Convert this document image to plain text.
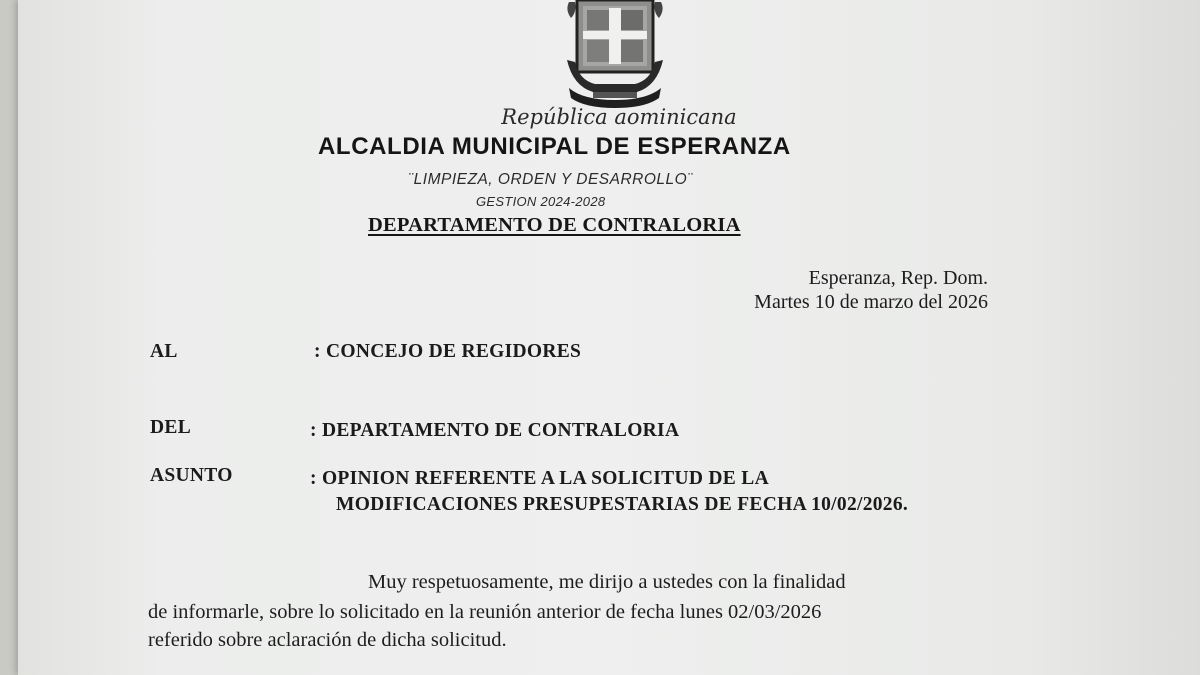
República aominicana
ALCALDIA MUNICIPAL DE ESPERANZA
¨LIMPIEZA, ORDEN Y DESARROLLO¨
GESTION 2024-2028
DEPARTAMENTO DE CONTRALORIA
Esperanza, Rep. Dom.
Martes 10 de marzo del 2026
AL	: CONCEJO DE REGIDORES
DEL	: DEPARTAMENTO DE CONTRALORIA
ASUNTO	: OPINION REFERENTE A LA SOLICITUD DE LA
MODIFICACIONES PRESUPESTARIAS DE FECHA 10/02/2026.
Muy respetuosamente, me dirijo a ustedes con la finalidad
de informarle, sobre lo solicitado en la reunión anterior de fecha lunes 02/03/2026
referido sobre aclaración de dicha solicitud.
